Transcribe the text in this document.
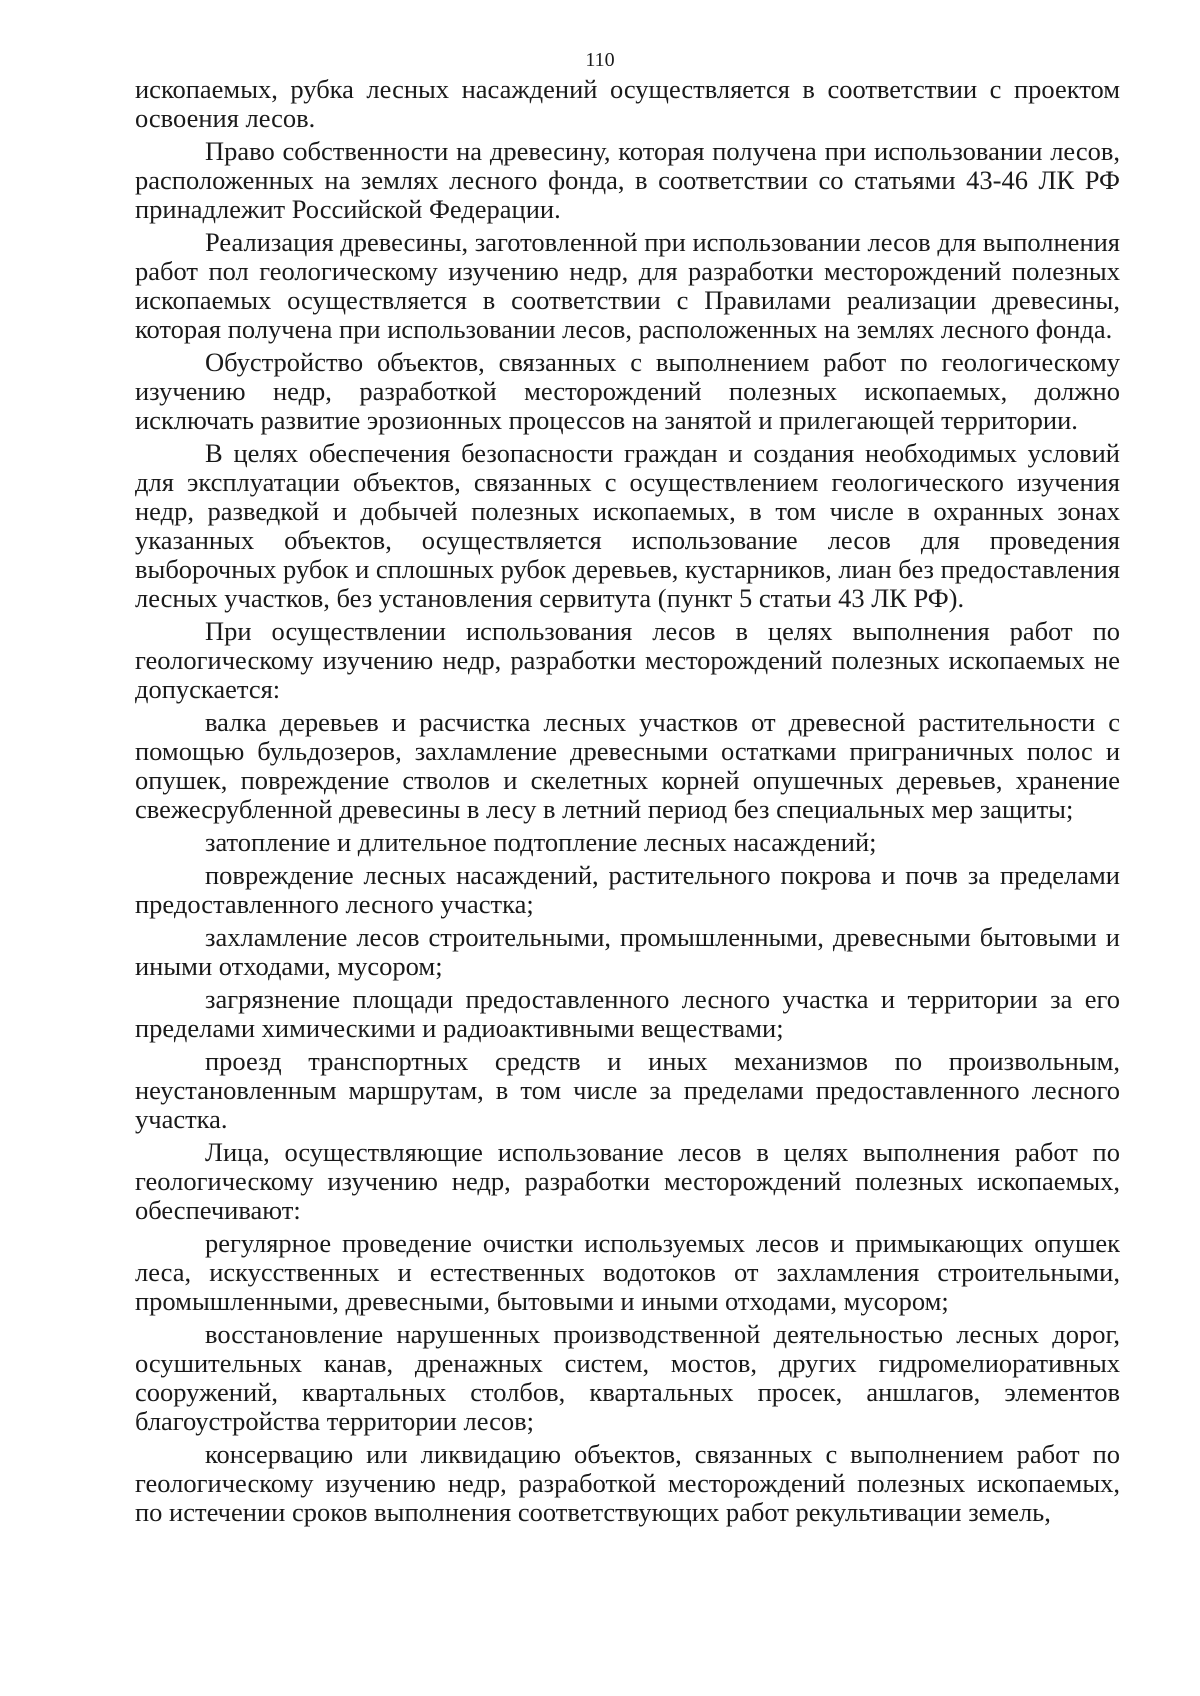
110

ископаемых, рубка лесных насаждений осуществляется в соответствии с проектом освоения лесов.

Право собственности на древесину, которая получена при использовании лесов, расположенных на землях лесного фонда, в соответствии со статьями 43-46 ЛК РФ принадлежит Российской Федерации.

Реализация древесины, заготовленной при использовании лесов для выполнения работ пол геологическому изучению недр, для разработки месторождений полезных ископаемых осуществляется в соответствии с Правилами реализации древесины, которая получена при использовании лесов, расположенных на землях лесного фонда.

Обустройство объектов, связанных с выполнением работ по геологическому изучению недр, разработкой месторождений полезных ископаемых, должно исключать развитие эрозионных процессов на занятой и прилегающей территории.

В целях обеспечения безопасности граждан и создания необходимых условий для эксплуатации объектов, связанных с осуществлением геологического изучения недр, разведкой и добычей полезных ископаемых, в том числе в охранных зонах указанных объектов, осуществляется использование лесов для проведения выборочных рубок и сплошных рубок деревьев, кустарников, лиан без предоставления лесных участков, без установления сервитута (пункт 5 статьи 43 ЛК РФ).

При осуществлении использования лесов в целях выполнения работ по геологическому изучению недр, разработки месторождений полезных ископаемых не допускается:

валка деревьев и расчистка лесных участков от древесной растительности с помощью бульдозеров, захламление древесными остатками приграничных полос и опушек, повреждение стволов и скелетных корней опушечных деревьев, хранение свежесрубленной древесины в лесу в летний период без специальных мер защиты;

затопление и длительное подтопление лесных насаждений;

повреждение лесных насаждений, растительного покрова и почв за пределами предоставленного лесного участка;

захламление лесов строительными, промышленными, древесными бытовыми и иными отходами, мусором;

загрязнение площади предоставленного лесного участка и территории за его пределами химическими и радиоактивными веществами;

проезд транспортных средств и иных механизмов по произвольным, неустановленным маршрутам, в том числе за пределами предоставленного лесного участка.

Лица, осуществляющие использование лесов в целях выполнения работ по геологическому изучению недр, разработки месторождений полезных ископаемых, обеспечивают:

регулярное проведение очистки используемых лесов и примыкающих опушек леса, искусственных и естественных водотоков от захламления строительными, промышленными, древесными, бытовыми и иными отходами, мусором;

восстановление нарушенных производственной деятельностью лесных дорог, осушительных канав, дренажных систем, мостов, других гидромелиоративных сооружений, квартальных столбов, квартальных просек, аншлагов, элементов благоустройства территории лесов;

консервацию или ликвидацию объектов, связанных с выполнением работ по геологическому изучению недр, разработкой месторождений полезных ископаемых, по истечении сроков выполнения соответствующих работ рекультивации земель,
